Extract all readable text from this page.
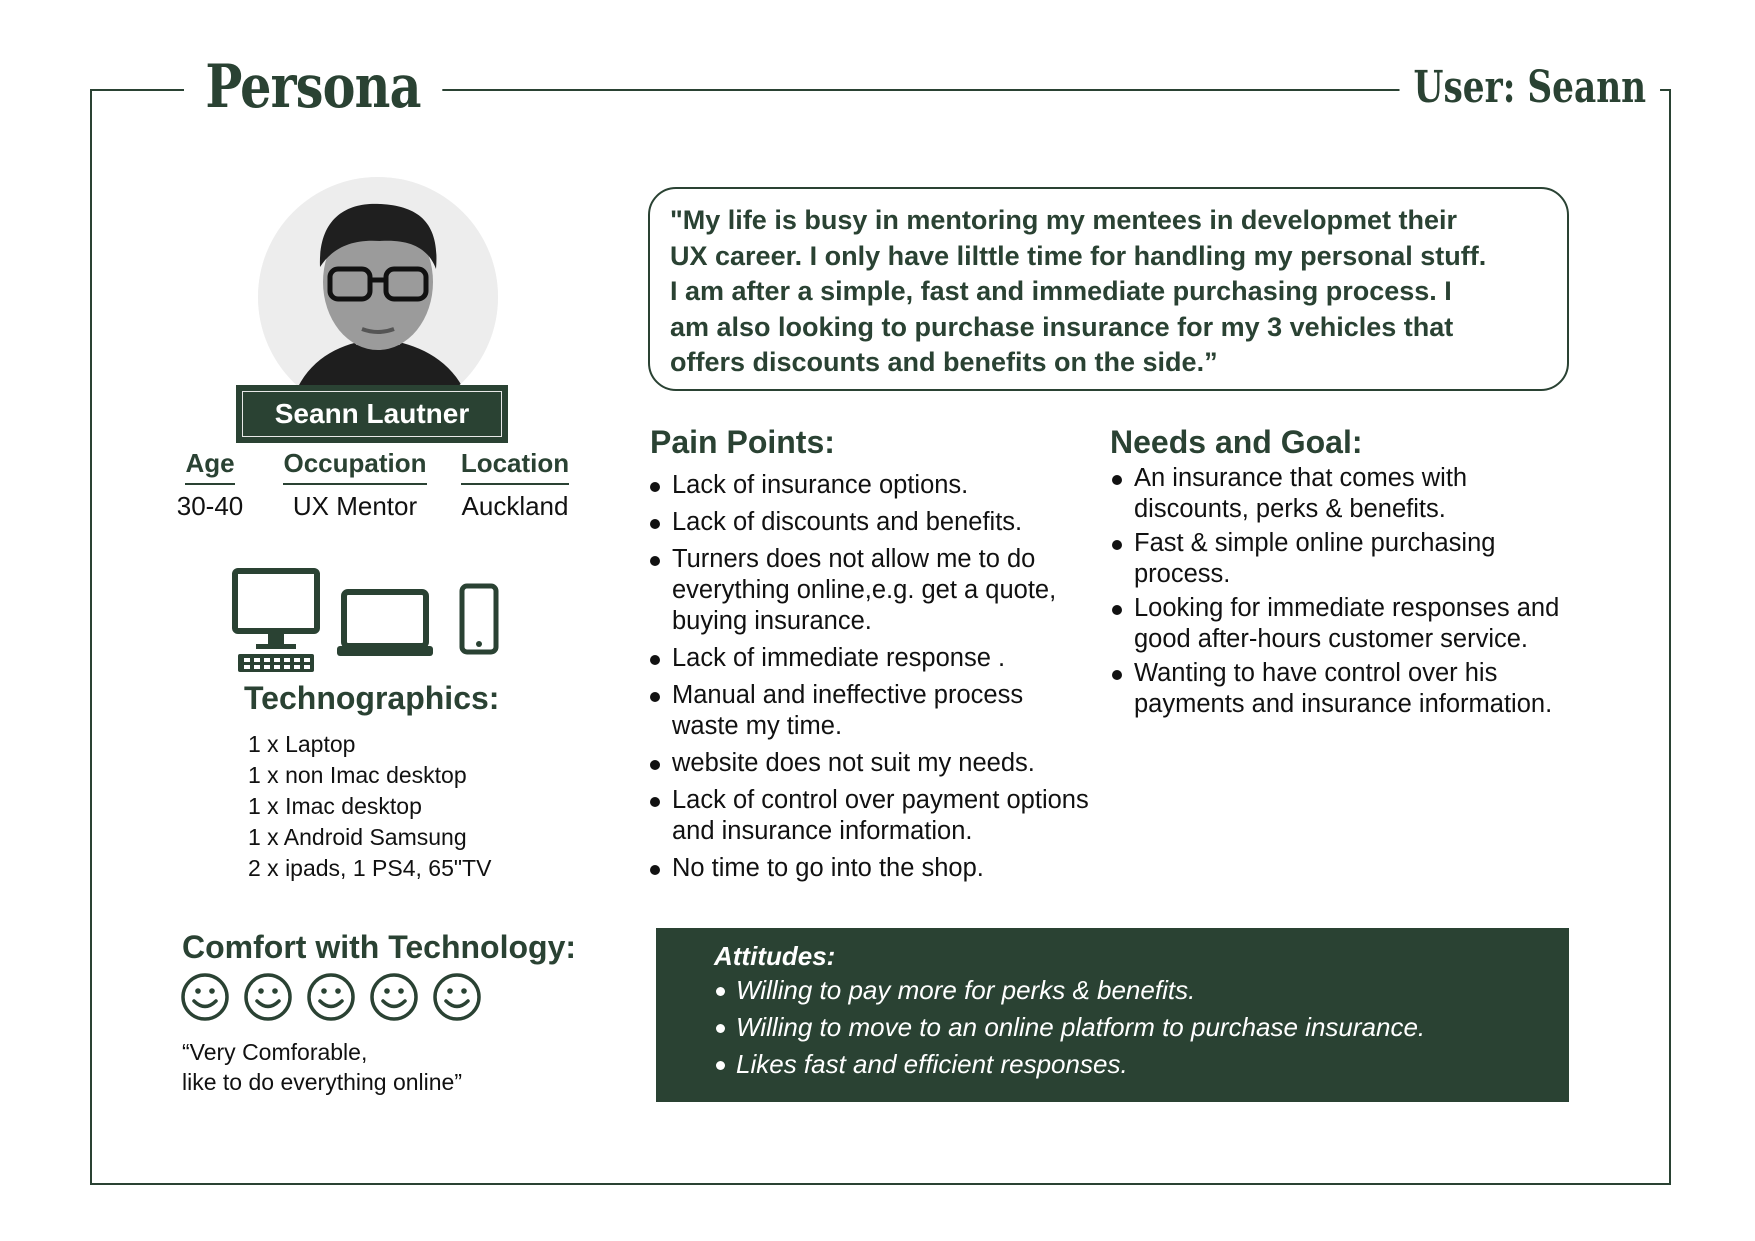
Persona	User: Seann
Seann Lautner
Age
30-40
Occupation
UX Mentor
Location
Auckland
Technographics:
1 x Laptop
1 x non Imac desktop
1 x Imac desktop
1 x Android Samsung
2 x ipads, 1 PS4, 65"TV
Comfort with Technology:
“Very Comforable,
like to do everything online”
"My life is busy in mentoring my mentees in developmet their
UX career. I only have lilttle time for handling my personal stuff.
I am after a simple, fast and immediate purchasing process. I
am also looking to purchase insurance for my 3 vehicles that
offers discounts and benefits on the side.”
Pain Points:
Lack of insurance options.
Lack of discounts and benefits.
Turners does not allow me to do everything online,e.g. get a quote, buying insurance.
Lack of immediate response .
Manual and ineffective process waste my time.
website does not suit my needs.
Lack of control over payment options and insurance information.
No time to go into the shop.
Needs and Goal:
An insurance that comes with discounts, perks & benefits.
Fast & simple online purchasing process.
Looking for immediate responses and good after-hours customer service.
Wanting to have control over his payments and insurance information.
Attitudes:
Willing to pay more for perks & benefits.
Willing to move to an online platform to purchase insurance.
Likes fast and efficient responses.
